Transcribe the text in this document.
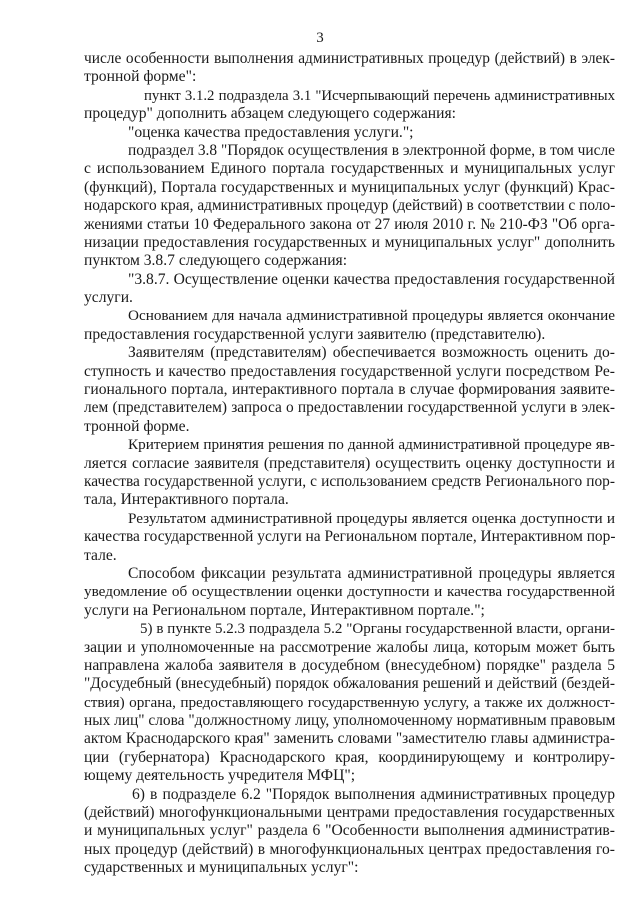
3
числе особенности выполнения административных процедур (действий) в элек-
тронной форме":
пункт 3.1.2 подраздела 3.1 "Исчерпывающий перечень административных
процедур" дополнить абзацем следующего содержания:
"оценка качества предоставления услуги.";
подраздел 3.8 "Порядок осуществления в электронной форме, в том числе
с использованием Единого портала государственных и муниципальных услуг
(функций), Портала государственных и муниципальных услуг (функций) Крас-
нодарского края, административных процедур (действий) в соответствии с поло-
жениями статьи 10 Федерального закона от 27 июля 2010 г. № 210-ФЗ "Об орга-
низации предоставления государственных и муниципальных услуг" дополнить
пунктом 3.8.7 следующего содержания:
"3.8.7. Осуществление оценки качества предоставления государственной
услуги.
Основанием для начала административной процедуры является окончание
предоставления государственной услуги заявителю (представителю).
Заявителям (представителям) обеспечивается возможность оценить до-
ступность и качество предоставления государственной услуги посредством Ре-
гионального портала, интерактивного портала в случае формирования заявите-
лем (представителем) запроса о предоставлении государственной услуги в элек-
тронной форме.
Критерием принятия решения по данной административной процедуре яв-
ляется согласие заявителя (представителя) осуществить оценку доступности и
качества государственной услуги, с использованием средств Регионального пор-
тала, Интерактивного портала.
Результатом административной процедуры является оценка доступности и
качества государственной услуги на Региональном портале, Интерактивном пор-
тале.
Способом фиксации результата административной процедуры является
уведомление об осуществлении оценки доступности и качества государственной
услуги на Региональном портале, Интерактивном портале.";
5) в пункте 5.2.3 подраздела 5.2 "Органы государственной власти, органи-
зации и уполномоченные на рассмотрение жалобы лица, которым может быть
направлена жалоба заявителя в досудебном (внесудебном) порядке" раздела 5
"Досудебный (внесудебный) порядок обжалования решений и действий (бездей-
ствия) органа, предоставляющего государственную услугу, а также их должност-
ных лиц" слова "должностному лицу, уполномоченному нормативным правовым
актом Краснодарского края" заменить словами "заместителю главы администра-
ции (губернатора) Краснодарского края, координирующему и контролиру-
ющему деятельность учредителя МФЦ";
6) в подразделе 6.2 "Порядок выполнения административных процедур
(действий) многофункциональными центрами предоставления государственных
и муниципальных услуг" раздела 6 "Особенности выполнения административ-
ных процедур (действий) в многофункциональных центрах предоставления го-
сударственных и муниципальных услуг":
